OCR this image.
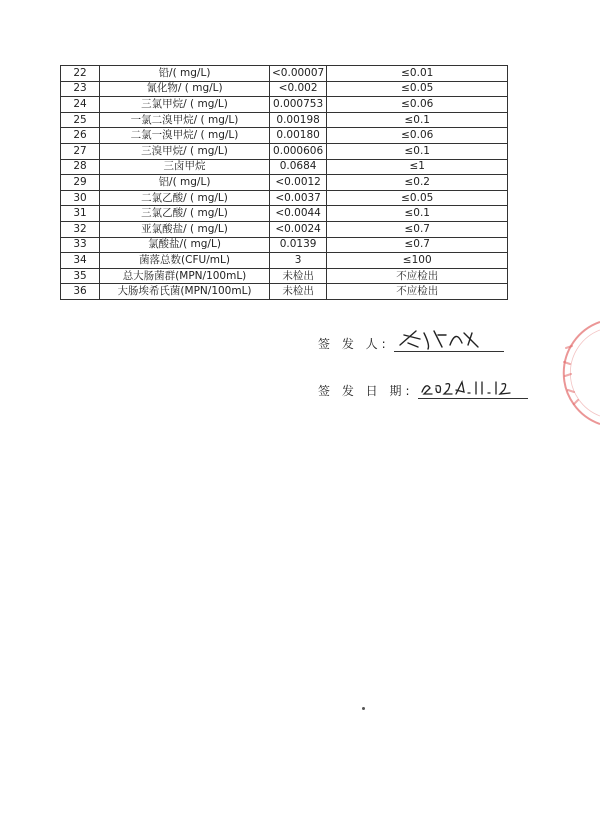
22	铅/( mg/L)	<0.00007	≤0.01
23	氰化物/ ( mg/L)	<0.002	≤0.05
24	三氯甲烷/ ( mg/L)	0.000753	≤0.06
25	一氯二溴甲烷/ ( mg/L)	0.00198	≤0.1
26	二氯一溴甲烷/ ( mg/L)	0.00180	≤0.06
27	三溴甲烷/ ( mg/L)	0.000606	≤0.1
28	三卤甲烷	0.0684	≤1
29	铝/( mg/L)	<0.0012	≤0.2
30	二氯乙酸/ ( mg/L)	<0.0037	≤0.05
31	三氯乙酸/ ( mg/L)	<0.0044	≤0.1
32	亚氯酸盐/ ( mg/L)	<0.0024	≤0.7
33	氯酸盐/( mg/L)	0.0139	≤0.7
34	菌落总数(CFU/mL)	3	≤100
35	总大肠菌群(MPN/100mL)	未检出	不应检出
36	大肠埃希氏菌(MPN/100mL)	未检出	不应检出
签 发 人:
签 发 日 期:
